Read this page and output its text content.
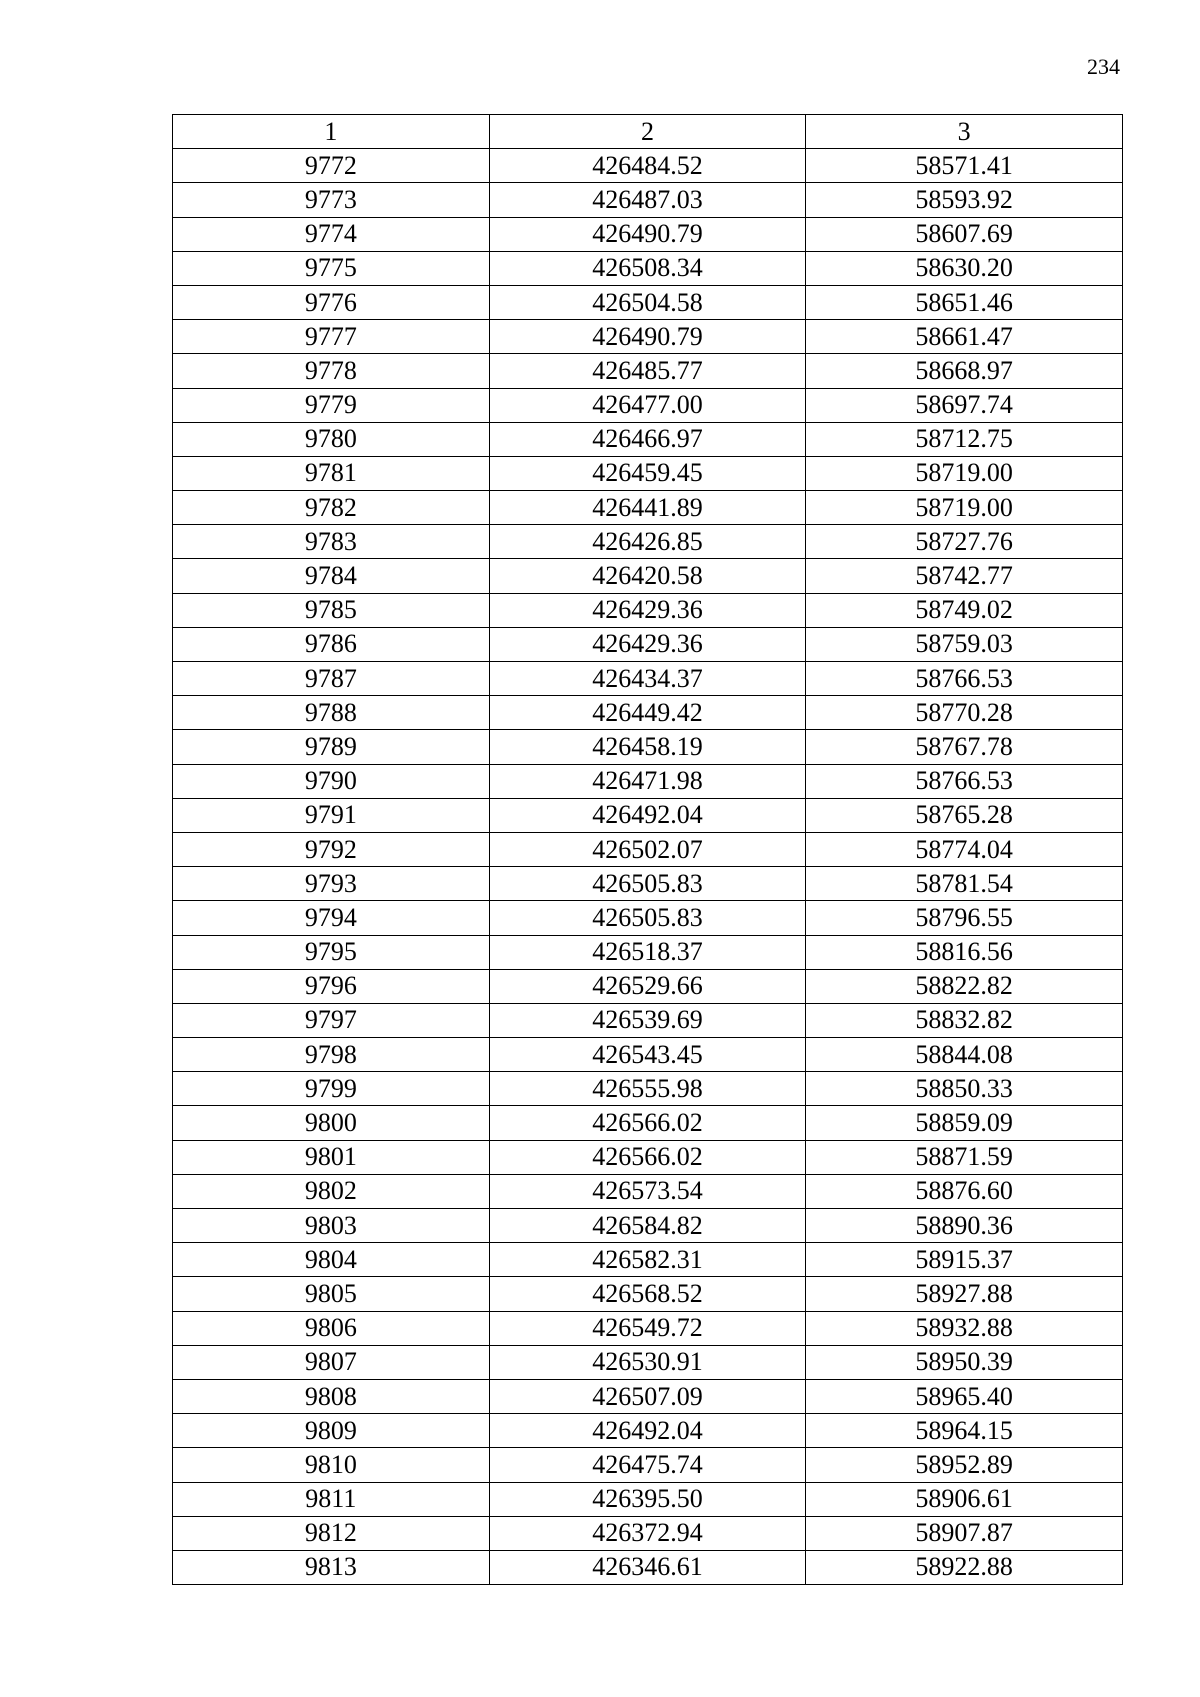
234
1	2	3
9772	426484.52	58571.41
9773	426487.03	58593.92
9774	426490.79	58607.69
9775	426508.34	58630.20
9776	426504.58	58651.46
9777	426490.79	58661.47
9778	426485.77	58668.97
9779	426477.00	58697.74
9780	426466.97	58712.75
9781	426459.45	58719.00
9782	426441.89	58719.00
9783	426426.85	58727.76
9784	426420.58	58742.77
9785	426429.36	58749.02
9786	426429.36	58759.03
9787	426434.37	58766.53
9788	426449.42	58770.28
9789	426458.19	58767.78
9790	426471.98	58766.53
9791	426492.04	58765.28
9792	426502.07	58774.04
9793	426505.83	58781.54
9794	426505.83	58796.55
9795	426518.37	58816.56
9796	426529.66	58822.82
9797	426539.69	58832.82
9798	426543.45	58844.08
9799	426555.98	58850.33
9800	426566.02	58859.09
9801	426566.02	58871.59
9802	426573.54	58876.60
9803	426584.82	58890.36
9804	426582.31	58915.37
9805	426568.52	58927.88
9806	426549.72	58932.88
9807	426530.91	58950.39
9808	426507.09	58965.40
9809	426492.04	58964.15
9810	426475.74	58952.89
9811	426395.50	58906.61
9812	426372.94	58907.87
9813	426346.61	58922.88
